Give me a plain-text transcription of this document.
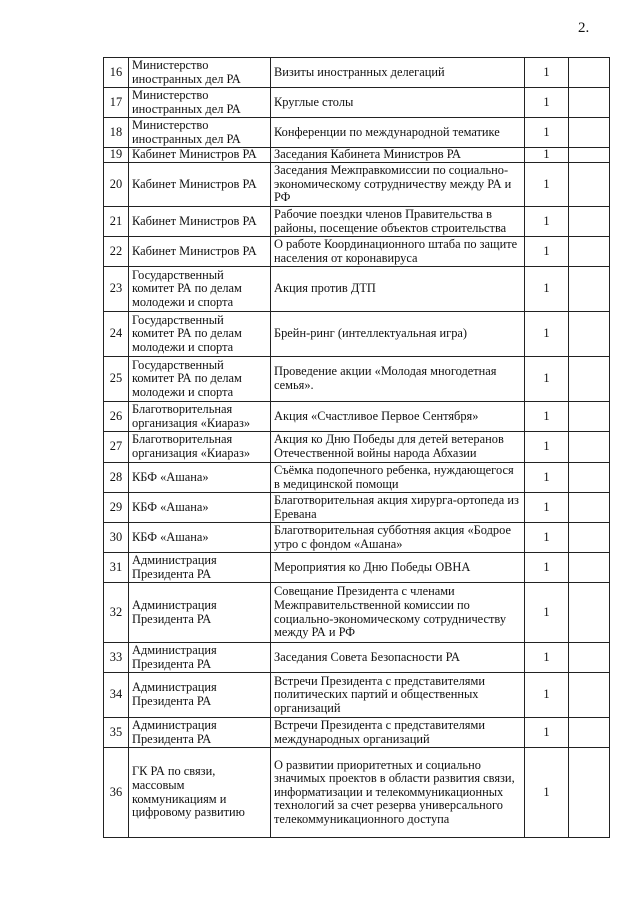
2.
16	Министерство иностранных дел РА	Визиты иностранных делегаций	1	
17	Министерство иностранных дел РА	Круглые столы	1	
18	Министерство иностранных дел РА	Конференции по международной тематике	1	
19	Кабинет Министров РА	Заседания Кабинета Министров РА	1	
20	Кабинет Министров РА	Заседания Межправкомиссии по социально-экономическому сотрудничеству между РА и РФ	1	
21	Кабинет Министров РА	Рабочие поездки членов Правительства в районы, посещение объектов строительства	1	
22	Кабинет Министров РА	О работе Координационного штаба по защите населения от коронавируса	1	
23	Государственный комитет РА по делам молодежи и спорта	Акция против ДТП	1	
24	Государственный комитет РА по делам молодежи и спорта	Брейн-ринг (интеллектуальная игра)	1	
25	Государственный комитет РА по делам молодежи и спорта	Проведение акции «Молодая многодетная семья».	1	
26	Благотворительная организация «Киараз»	Акция «Счастливое Первое Сентября»	1	
27	Благотворительная организация «Киараз»	Акция ко Дню Победы для детей ветеранов Отечественной войны народа Абхазии	1	
28	КБФ «Ашана»	Съёмка подопечного ребенка, нуждающегося в медицинской помощи	1	
29	КБФ «Ашана»	Благотворительная акция хирурга-ортопеда из Еревана	1	
30	КБФ «Ашана»	Благотворительная субботняя акция «Бодрое утро с фондом «Ашана»	1	
31	Администрация Президента РА	Мероприятия ко Дню Победы ОВНА	1	
32	Администрация Президента РА	Совещание Президента с членами Межправительственной комиссии по социально-экономическому сотрудничеству между РА и РФ	1	
33	Администрация Президента РА	Заседания Совета Безопасности РА	1	
34	Администрация Президента РА	Встречи Президента с представителями политических партий и общественных организаций	1	
35	Администрация Президента РА	Встречи Президента с представителями международных организаций	1	
36	ГК РА по связи, массовым коммуникациям и цифровому развитию	О развитии приоритетных и социально значимых проектов в области развития связи, информатизации и телекоммуникационных технологий за счет резерва универсального телекоммуникационного доступа	1	
